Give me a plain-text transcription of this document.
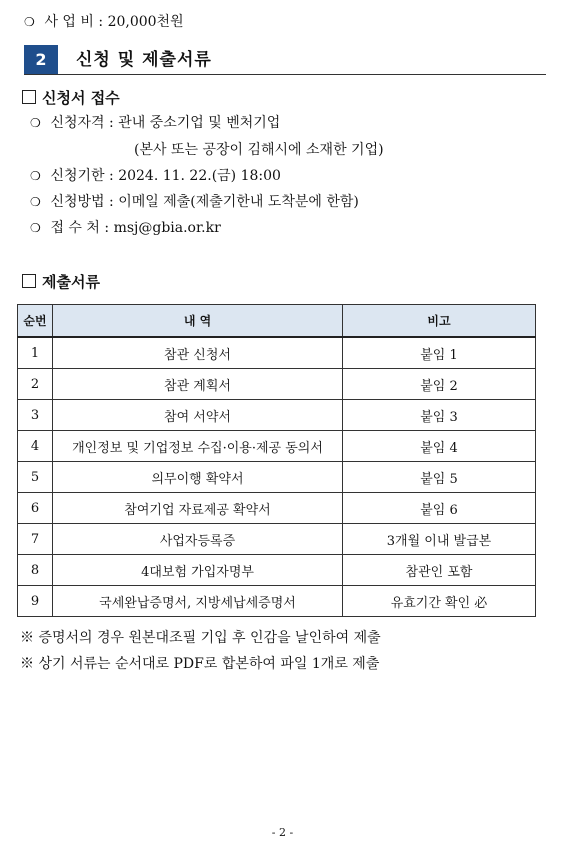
❍ 사 업 비 : 20,000천원
2	신청 및 제출서류
신청서 접수
❍ 신청자격 : 관내 중소기업 및 벤처기업
(본사 또는 공장이 김해시에 소재한 기업)
❍ 신청기한 : 2024. 11. 22.(금) 18:00
❍ 신청방법 : 이메일 제출(제출기한내 도착분에 한함)
❍ 접 수 처 : msj@gbia.or.kr
제출서류
순번	내 역	비고
1	참관 신청서	붙임 1
2	참관 계획서	붙임 2
3	참여 서약서	붙임 3
4	개인정보 및 기업정보 수집·이용·제공 동의서	붙임 4
5	의무이행 확약서	붙임 5
6	참여기업 자료제공 확약서	붙임 6
7	사업자등록증	3개월 이내 발급본
8	4대보험 가입자명부	참관인 포함
9	국세완납증명서, 지방세납세증명서	유효기간 확인 必
※ 증명서의 경우 원본대조필 기입 후 인감을 날인하여 제출
※ 상기 서류는 순서대로 PDF로 합본하여 파일 1개로 제출
- 2 -
